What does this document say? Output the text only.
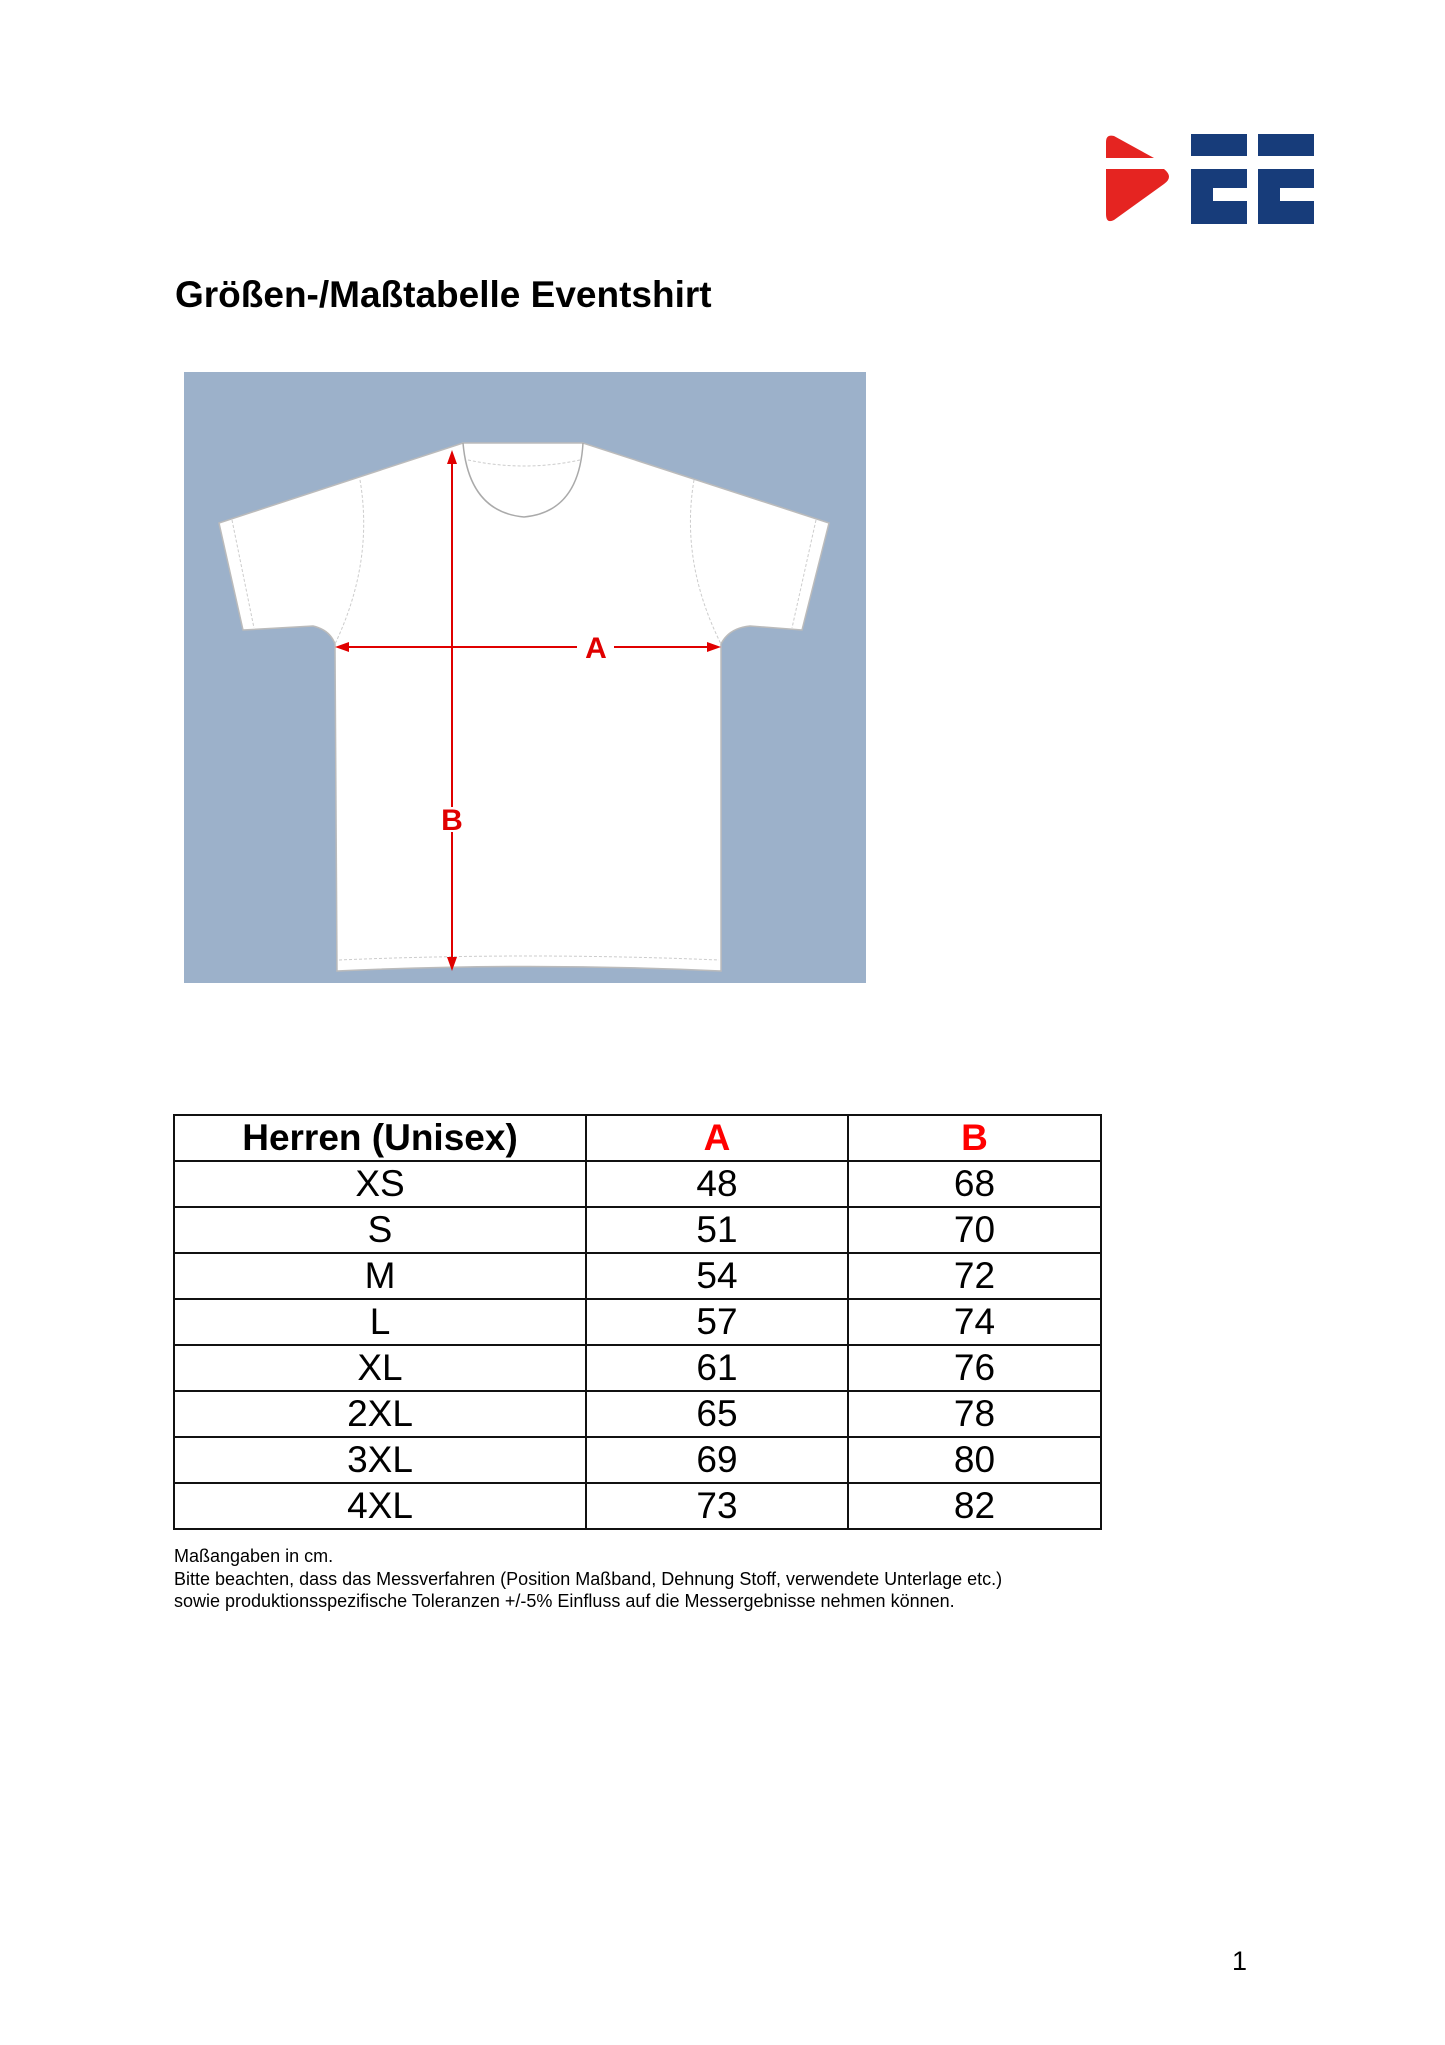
Größen-/Maßtabelle Eventshirt
A
B
Herren (Unisex)	A	B
XS	48	68
S	51	70
M	54	72
L	57	74
XL	61	76
2XL	65	78
3XL	69	80
4XL	73	82
Maßangaben in cm.
Bitte beachten, dass das Messverfahren (Position Maßband, Dehnung Stoff, verwendete Unterlage etc.)
sowie produktionsspezifische Toleranzen +/-5% Einfluss auf die Messergebnisse nehmen können.
1
